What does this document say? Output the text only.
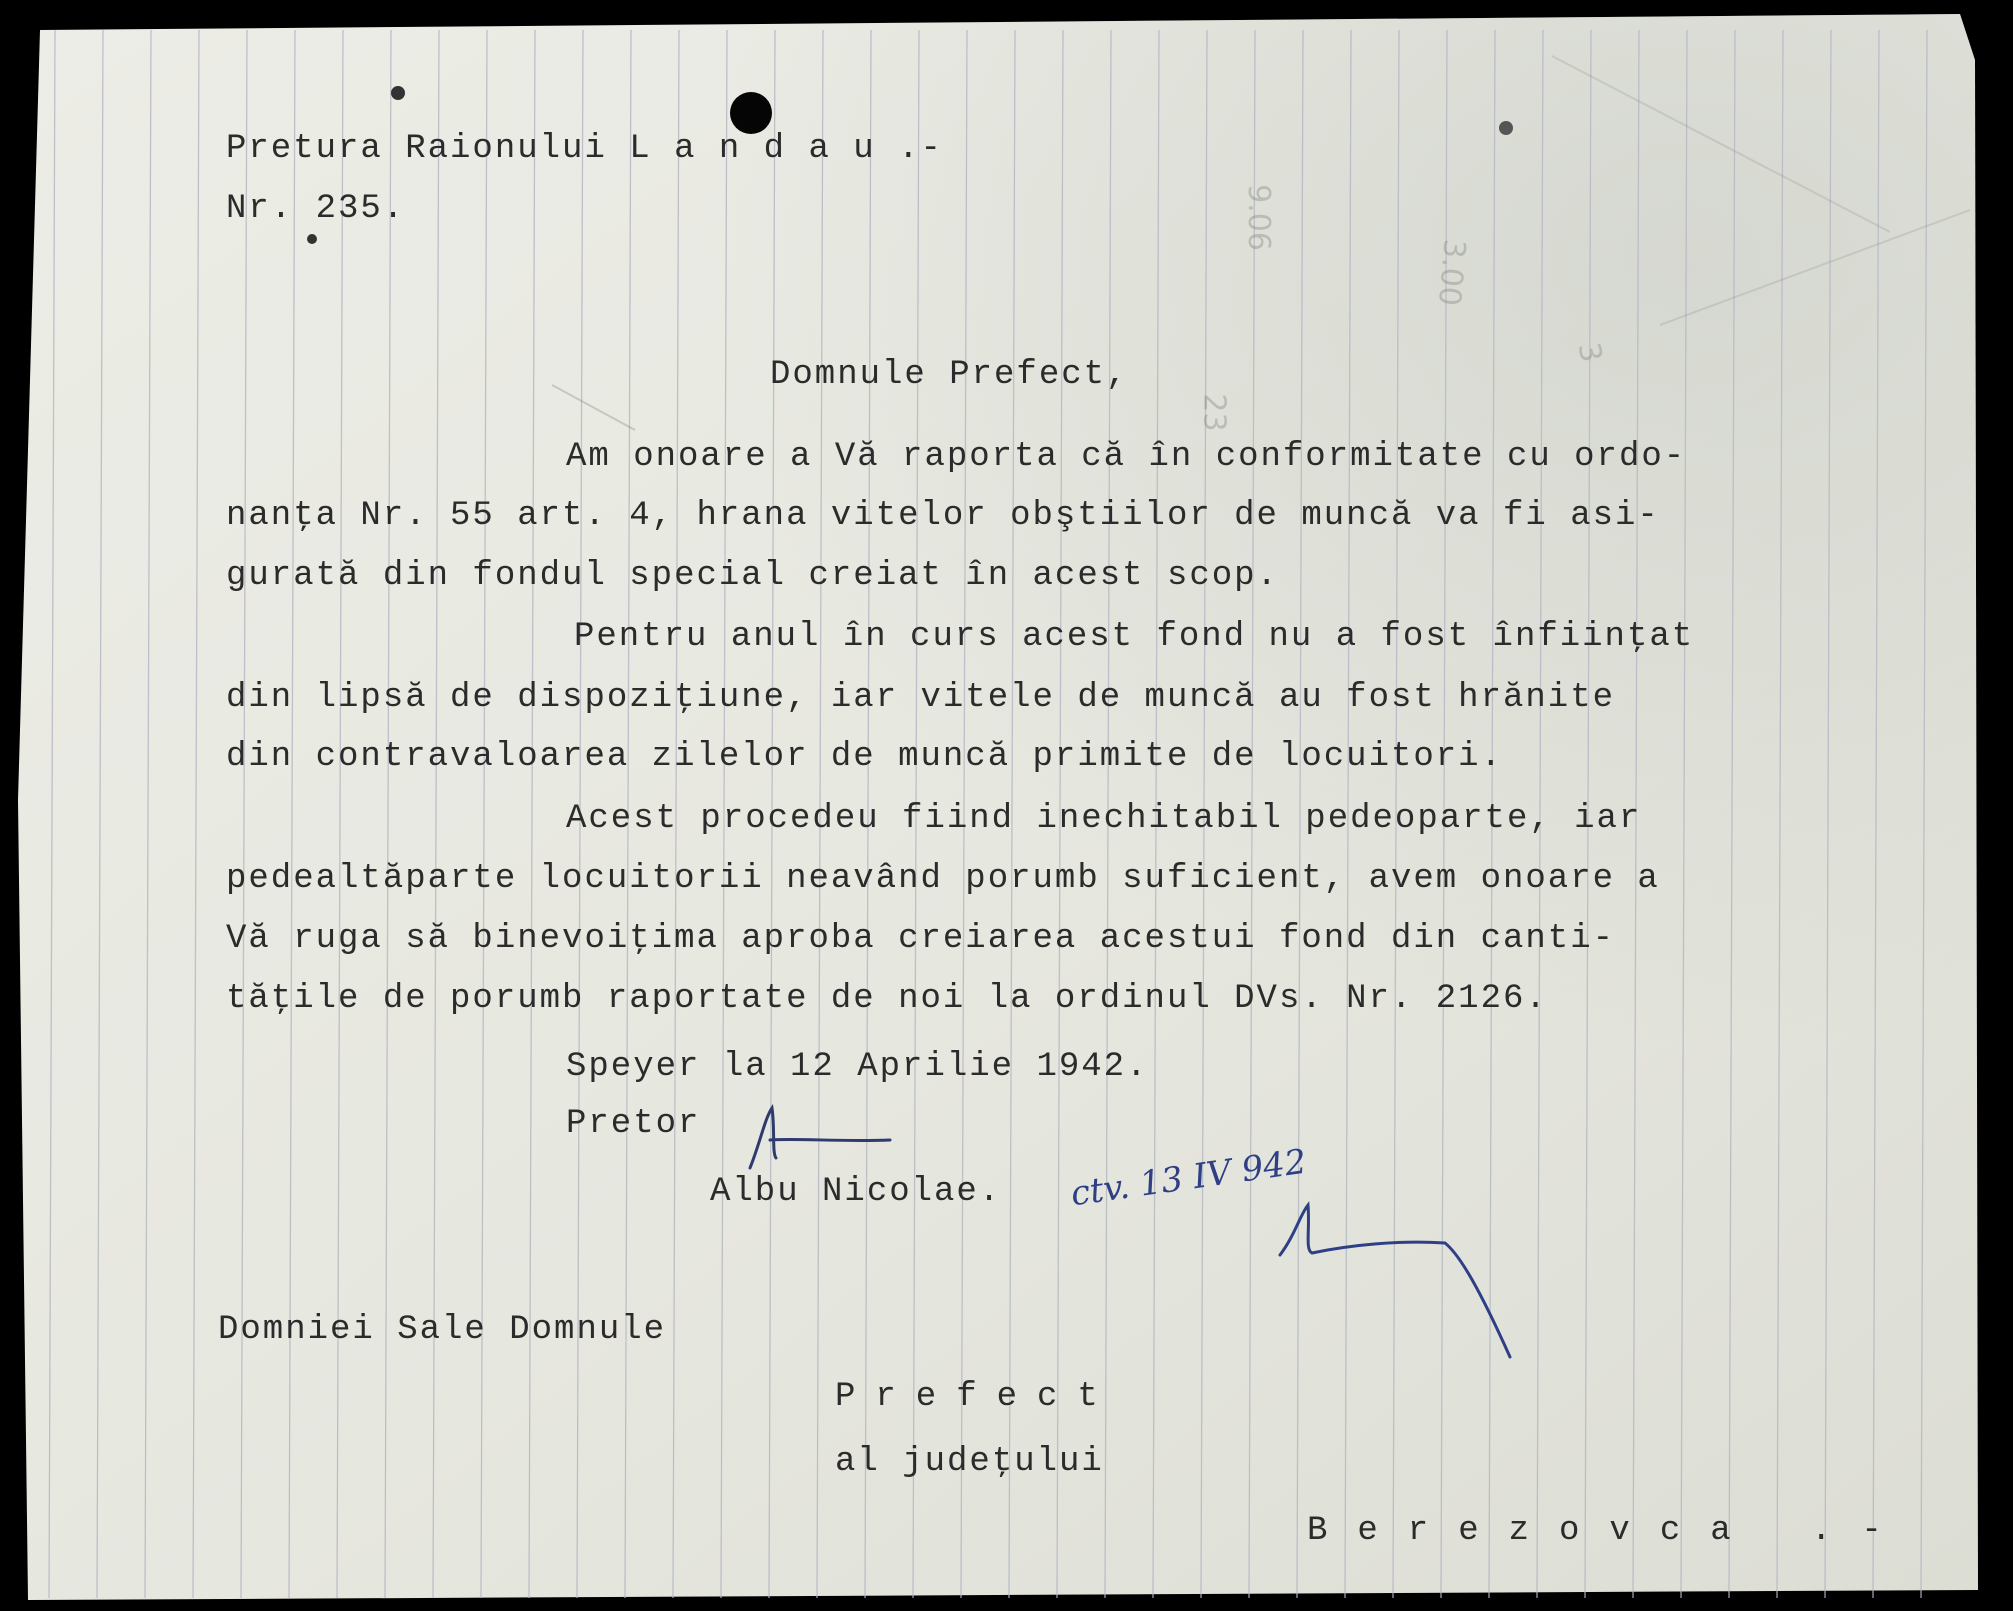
Pretura Raionului L a n d a u .-
Nr. 235.
Domnule Prefect,
Am onoare a Vă raporta că în conformitate cu ordo-
nanţa Nr. 55 art. 4, hrana vitelor obştiilor de muncă va fi asi-
gurată din fondul special creiat în acest scop.
Pentru anul în curs acest fond nu a fost înfiinţat
din lipsă de dispoziţiune, iar vitele de muncă au fost hrănite
din contravaloarea zilelor de muncă primite de locuitori.
Acest procedeu fiind inechitabil pedeoparte, iar
pedealtăparte locuitorii neavând porumb suficient, avem onoare a
Vă ruga să binevoiţima aproba creiarea acestui fond din canti-
tăţile de porumb raportate de noi la ordinul DVs. Nr. 2126.
Speyer la 12 Aprilie 1942.
Pretor
Albu Nicolae. ctv. 13 IV 942
9.06
3.00
3
23
Domniei Sale Domnule
Prefect
al judeţului
Berezovca .-
